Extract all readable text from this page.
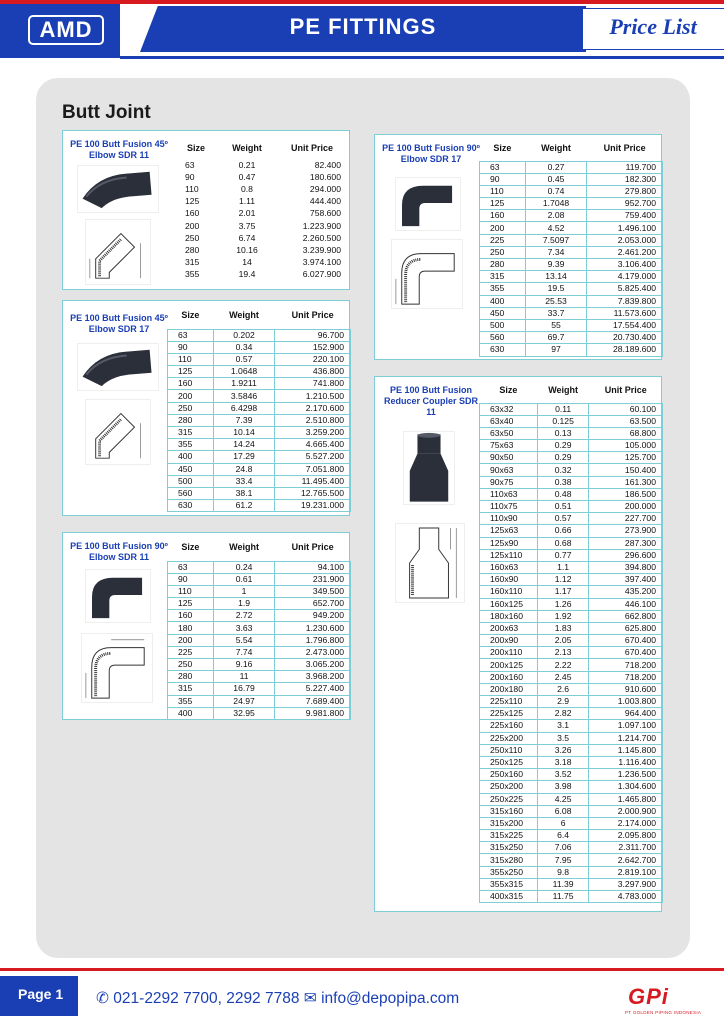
AMD	PE FITTINGS	Price List
Butt Joint
PE 100 Butt Fusion 45º Elbow SDR 11
Size	Weight	Unit Price
63	0.21	82.400
90	0.47	180.600
110	0.8	294.000
125	1.11	444.400
160	2.01	758.600
200	3.75	1.223.900
250	6.74	2.260.500
280	10.16	3.239.900
315	14	3.974.100
355	19.4	6.027.900
PE 100 Butt Fusion 45º Elbow SDR 17
Size	Weight	Unit Price
63	0.202	96.700
90	0.34	152.900
110	0.57	220.100
125	1.0648	436.800
160	1.9211	741.800
200	3.5846	1.210.500
250	6.4298	2.170.600
280	7.39	2.510.800
315	10.14	3.259.200
355	14.24	4.665.400
400	17.29	5.527.200
450	24.8	7.051.800
500	33.4	11.495.400
560	38.1	12.765.500
630	61.2	19.231.000
PE 100 Butt Fusion 90º Elbow SDR 11
Size	Weight	Unit Price
63	0.24	94.100
90	0.61	231.900
110	1	349.500
125	1.9	652.700
160	2.72	949.200
180	3.63	1.230.600
200	5.54	1.796.800
225	7.74	2.473.000
250	9.16	3.065.200
280	11	3.968.200
315	16.79	5.227.400
355	24.97	7.689.400
400	32.95	9.981.800
PE 100 Butt Fusion 90º Elbow SDR 17
Size	Weight	Unit Price
63	0.27	119.700
90	0.45	182.300
110	0.74	279.800
125	1.7048	952.700
160	2.08	759.400
200	4.52	1.496.100
225	7.5097	2.053.000
250	7.34	2.461.200
280	9.39	3.106.400
315	13.14	4.179.000
355	19.5	5.825.400
400	25.53	7.839.800
450	33.7	11.573.600
500	55	17.554.400
560	69.7	20.730.400
630	97	28.189.600
PE 100 Butt Fusion Reducer Coupler SDR 11
Size	Weight	Unit Price
63x32	0.11	60.100
63x40	0.125	63.500
63x50	0.13	68.800
75x63	0.29	105.000
90x50	0.29	125.700
90x63	0.32	150.400
90x75	0.38	161.300
110x63	0.48	186.500
110x75	0.51	200.000
110x90	0.57	227.700
125x63	0.66	273.900
125x90	0.68	287.300
125x110	0.77	296.600
160x63	1.1	394.800
160x90	1.12	397.400
160x110	1.17	435.200
160x125	1.26	446.100
180x160	1.92	662.800
200x63	1.83	625.800
200x90	2.05	670.400
200x110	2.13	670.400
200x125	2.22	718.200
200x160	2.45	718.200
200x180	2.6	910.600
225x110	2.9	1.003.800
225x125	2.82	964.400
225x160	3.1	1.097.100
225x200	3.5	1.214.700
250x110	3.26	1.145.800
250x125	3.18	1.116.400
250x160	3.52	1.236.500
250x200	3.98	1.304.600
250x225	4.25	1.465.800
315x160	6.08	2.000.900
315x200	6	2.174.000
315x225	6.4	2.095.800
315x250	7.06	2.311.700
315x280	7.95	2.642.700
355x250	9.8	2.819.100
355x315	11.39	3.297.900
400x315	11.75	4.783.000
Page 1 ✆ 021-2292 7700, 2292 7788 ✉ info@depopipa.com	GPi
PT GOLDEN PIPING INDONESIA
